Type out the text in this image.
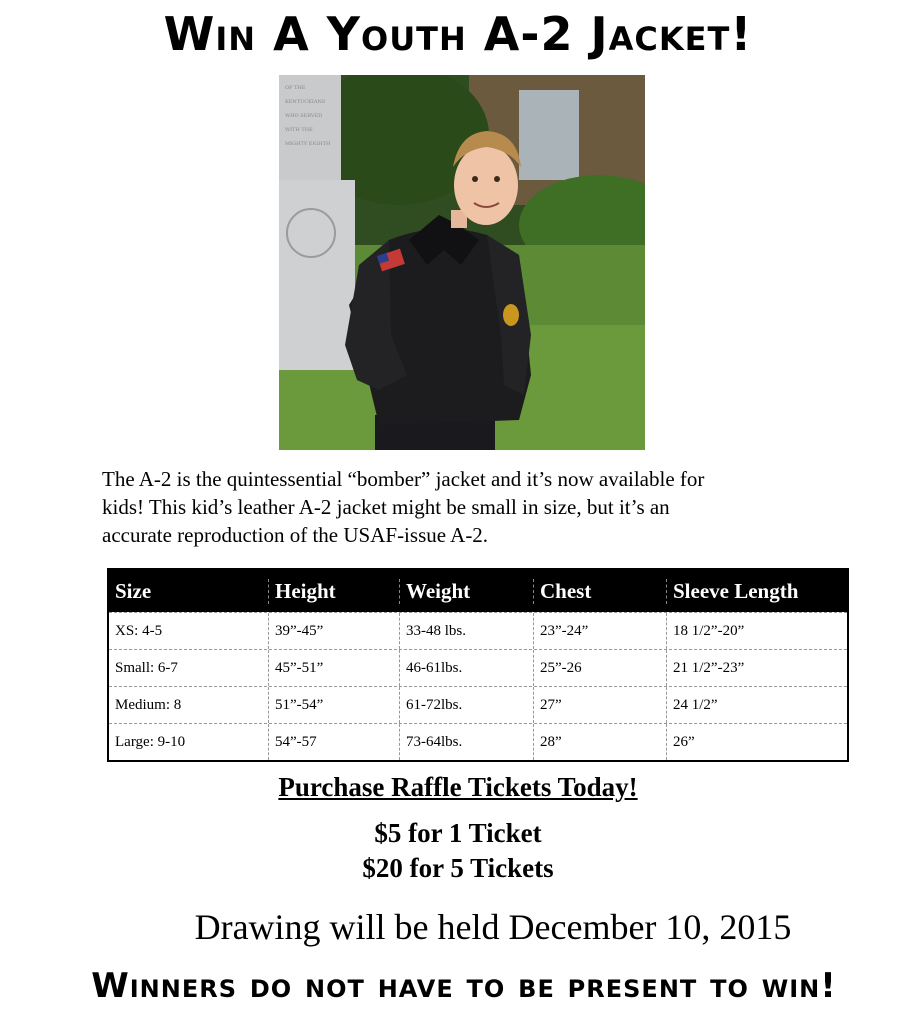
Win A Youth A-2 Jacket!
OF THE
KENTUCKIANS
WHO SERVED
WITH THE
MIGHTY EIGHTH
The A-2 is the quintessential “bomber” jacket and it’s now available for
kids! This kid’s leather A-2 jacket might be small in size, but it’s an
accurate reproduction of the USAF-issue A-2.
Size	Height	Weight	Chest	Sleeve Length
XS: 4-5	39”-45”	33-48 lbs.	23”-24”	18 1/2”-20”
Small: 6-7	45”-51”	46-61lbs.	25”-26	21 1/2”-23”
Medium: 8	51”-54”	61-72lbs.	27”	24 1/2”
Large: 9-10	54”-57	73-64lbs.	28”	26”
Purchase Raffle Tickets Today!
$5 for 1 Ticket
$20 for 5 Tickets
Drawing will be held December 10, 2015
Winners do not have to be present to win!
